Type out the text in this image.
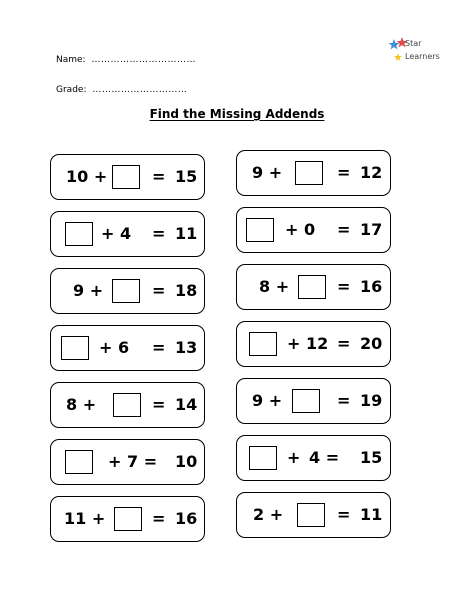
Name: ……………………………
Grade: …………………………
Star
Learners
Find the Missing Addends
10 +	= 15
+ 4 = 11
9 +	= 18
+ 6 = 13
8 +	= 14
+ 7 = 10
11 +	= 16
9 +	= 12
+ 0 = 17
8 +	= 16
+ 12 = 20
9 +	= 19
+ 4 = 15
2 +	= 11
